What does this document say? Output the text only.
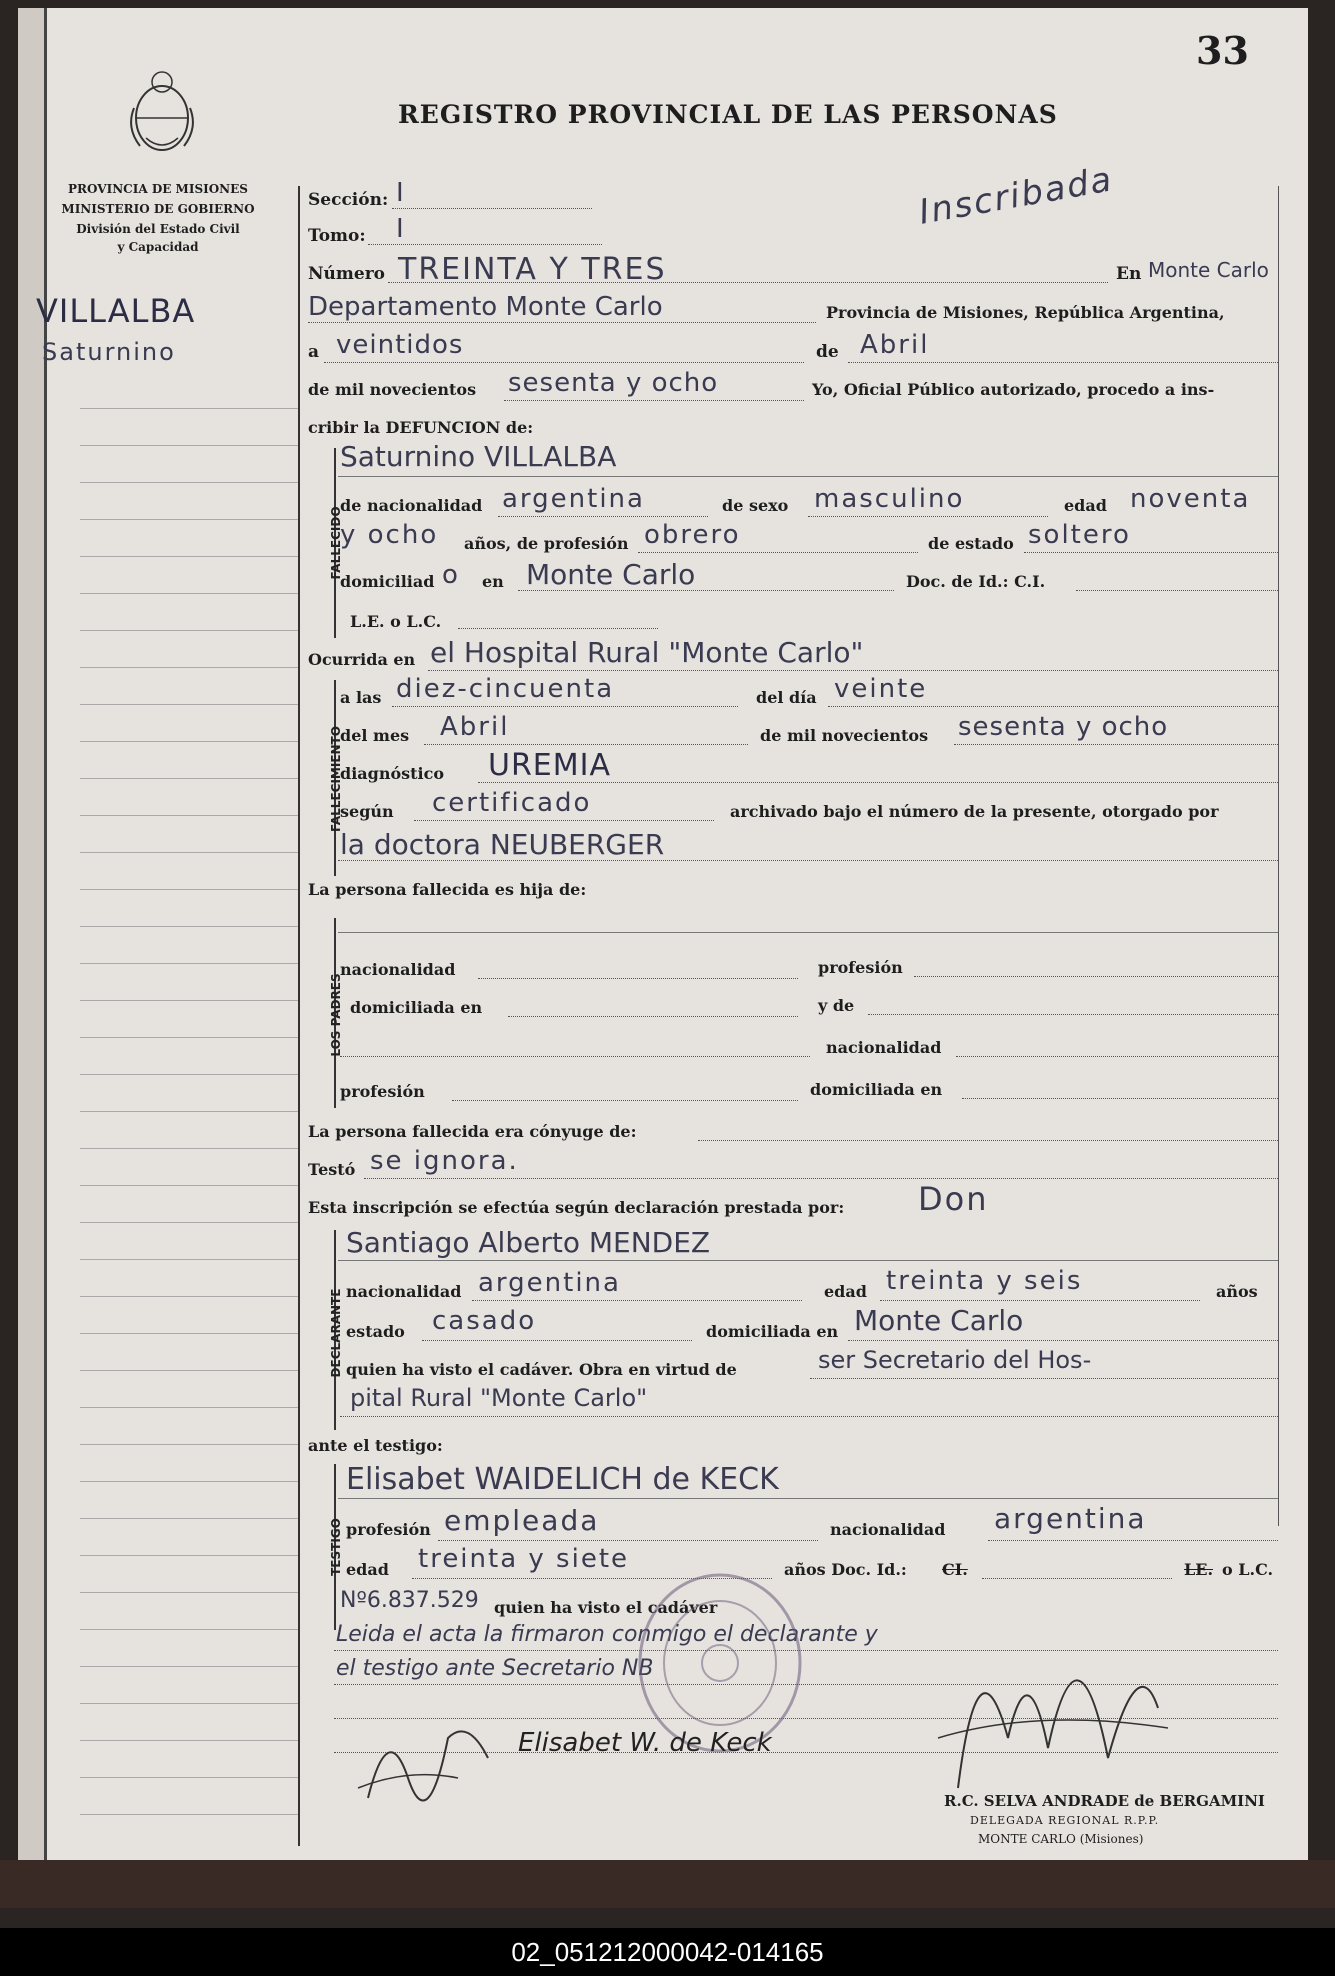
33
PROVINCIA DE MISIONES
MINISTERIO DE GOBIERNO
División del Estado Civil
y Capacidad
REGISTRO PROVINCIAL DE LAS PERSONAS
Inscribada
VILLALBA
Saturnino
Sección: I
Tomo: I
Número TREINTA Y TRES	En Monte Carlo
Departamento Monte Carlo	Provincia de Misiones, República Argentina,
a veintidos	de Abril
de mil novecientos sesenta y ocho	Yo, Oficial Público autorizado, procedo a ins-
cribir la DEFUNCION de:
FALLECIDO
Saturnino VILLALBA
de nacionalidad argentina	de sexo masculino	edad noventa
y ocho años, de profesión obrero	de estado soltero
domiciliad o en Monte Carlo	Doc. de Id.: C.I.
L.E. o L.C.
Ocurrida en el Hospital Rural "Monte Carlo"
FALLECIMIENTO
a las diez-cincuenta	del día veinte
del mes Abril	de mil novecientos sesenta y ocho
diagnóstico UREMIA
según certificado	archivado bajo el número de la presente, otorgado por
la doctora NEUBERGER
La persona fallecida es hija de:
LOS PADRES
nacionalidad	profesión
domiciliada en	y de
nacionalidad
profesión	domiciliada en
La persona fallecida era cónyuge de:
Testó se ignora.
Esta inscripción se efectúa según declaración prestada por: Don
DECLARANTE
Santiago Alberto MENDEZ
nacionalidad argentina	edad treinta y seis	años
estado casado	domiciliada en Monte Carlo
quien ha visto el cadáver. Obra en virtud de	ser Secretario del Hos-
pital Rural "Monte Carlo"
ante el testigo:
TESTIGO
Elisabet WAIDELICH de KECK
profesión empleada	nacionalidad argentina
edad treinta y siete	años Doc. Id.: CI.	LE. o L.C.
Nº6.837.529 quien ha visto el cadáver
Leida el acta la firmaron conmigo el declarante y
el testigo ante Secretario NB
Elisabet W. de Keck
R.C. SELVA ANDRADE de BERGAMINI
DELEGADA REGIONAL R.P.P.
MONTE CARLO (Misiones)
02_051212000042-014165
